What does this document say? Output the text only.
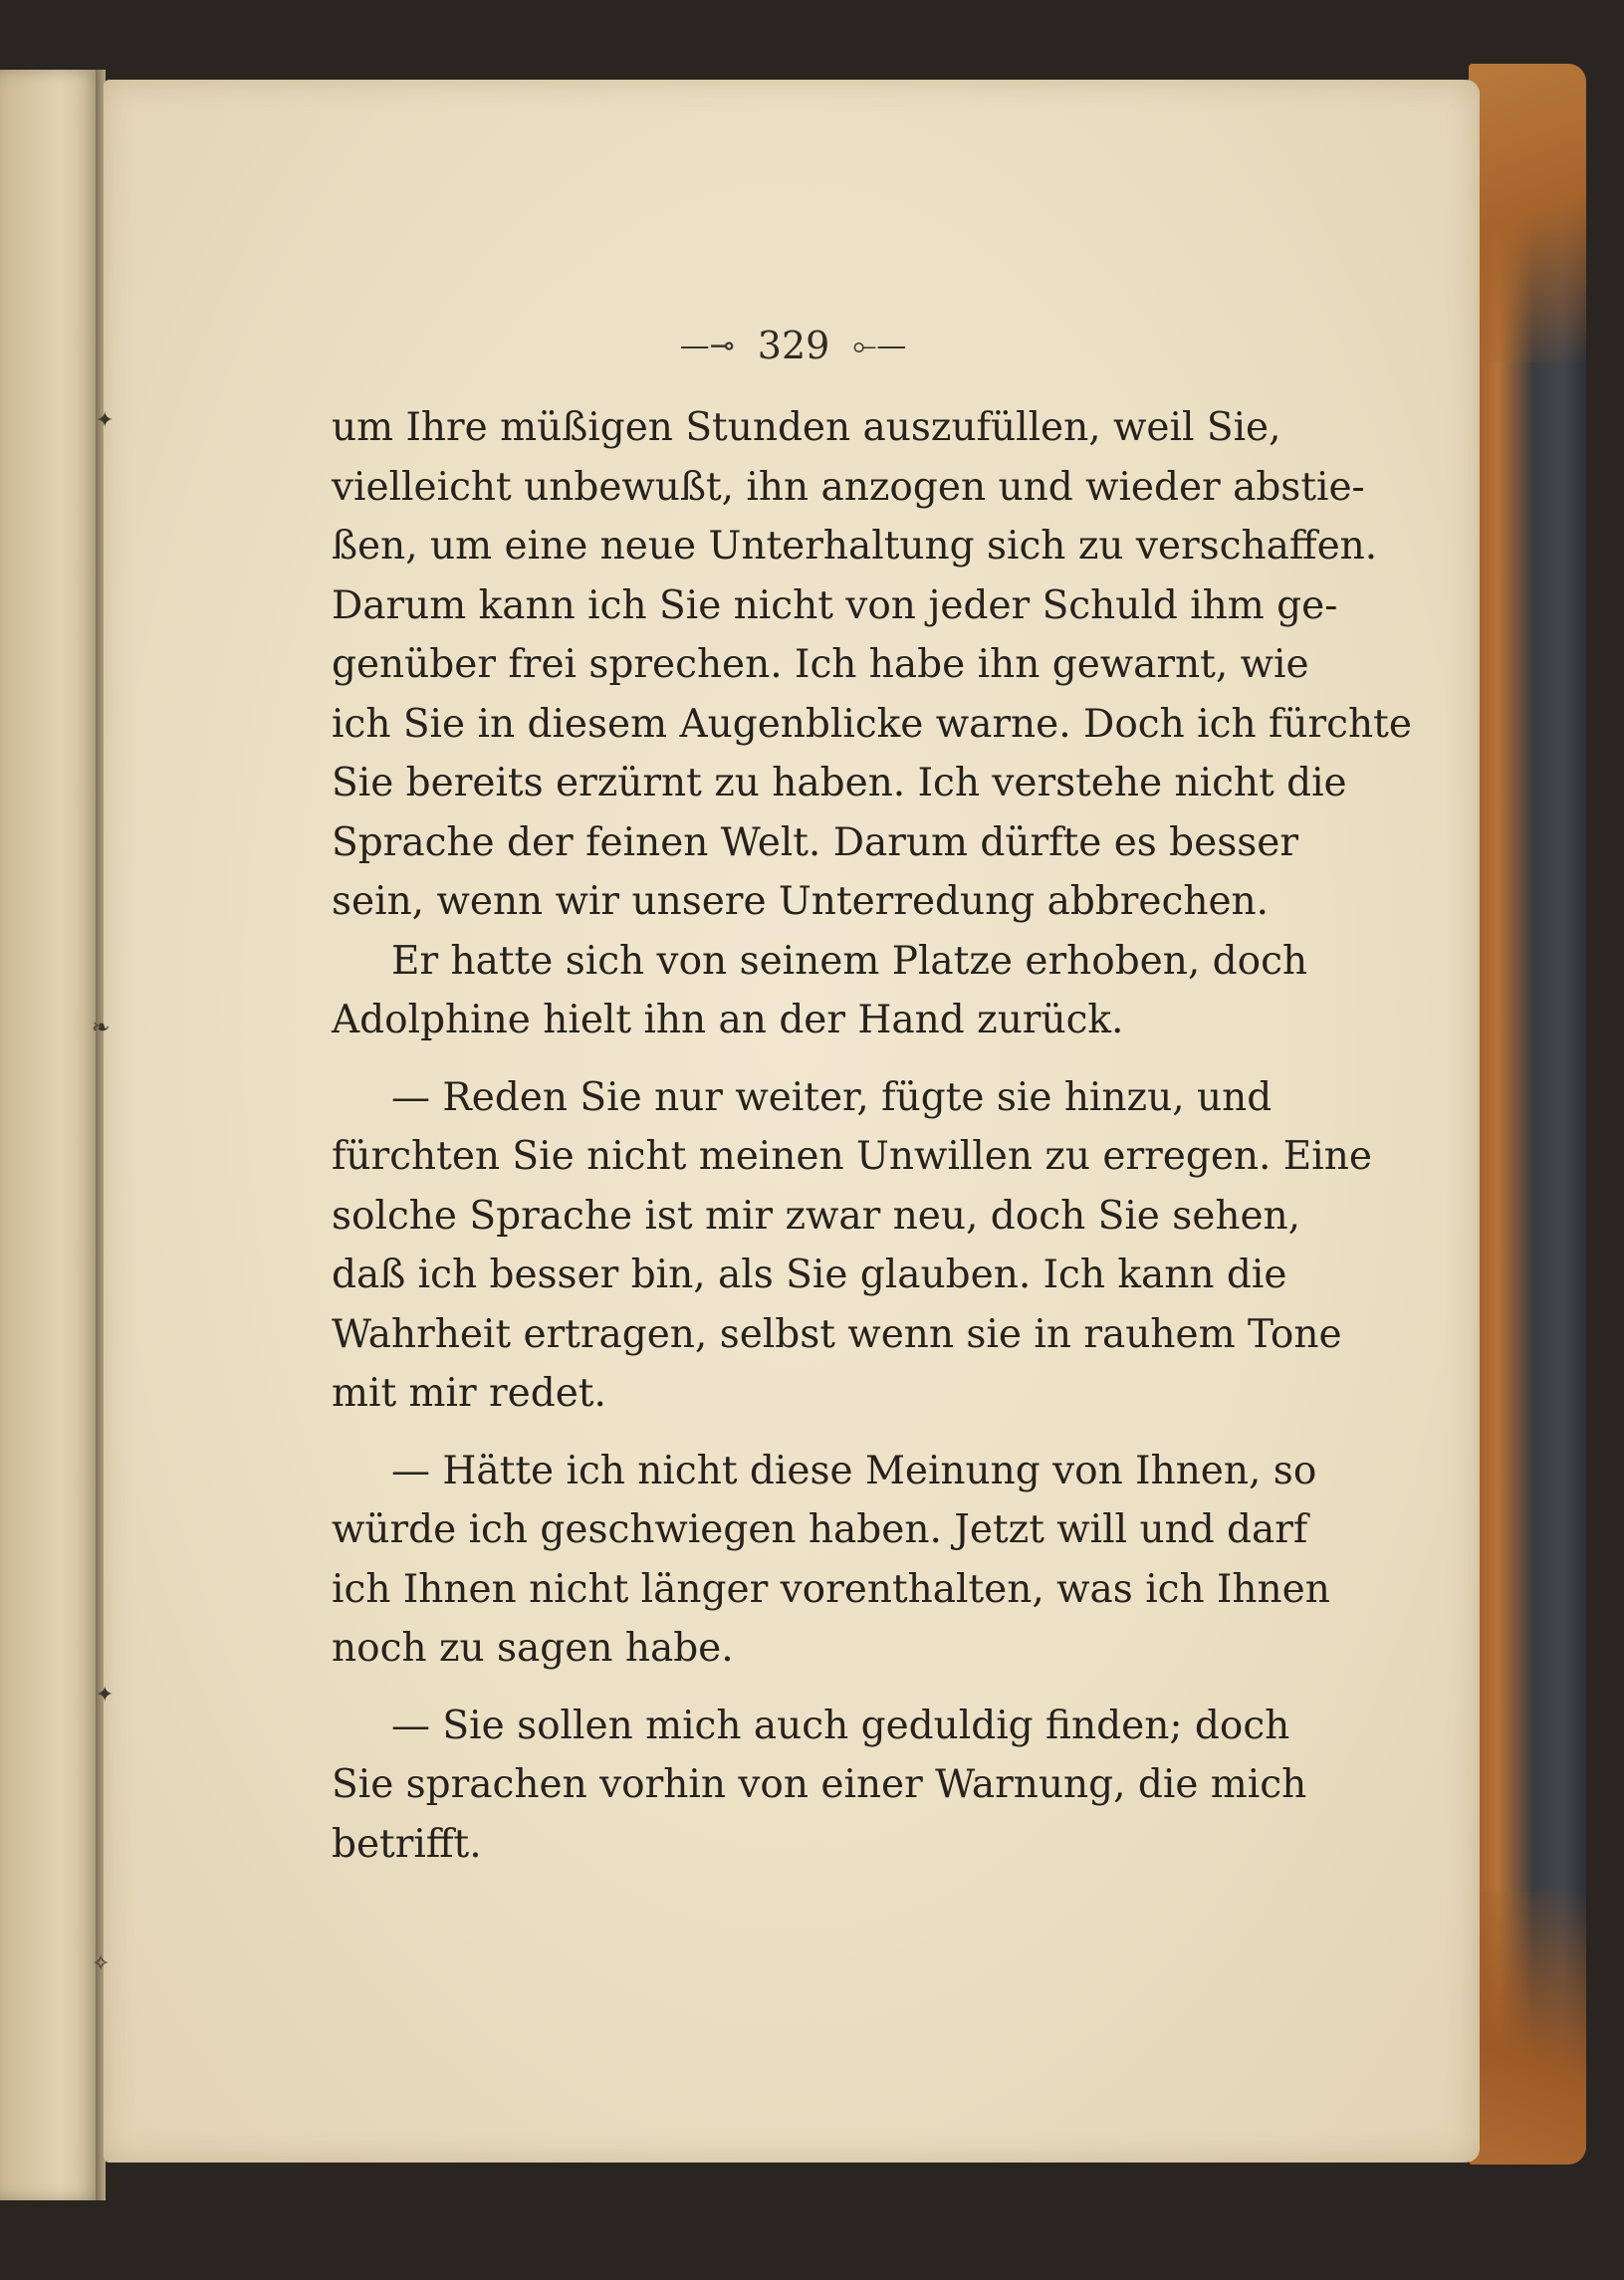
✦
❧
✦
✧
—⊸ 329 ⟜—
um Ihre müßigen Stunden auszufüllen, weil Sie,
vielleicht unbewußt, ihn anzogen und wieder abstie-
ßen, um eine neue Unterhaltung sich zu verschaffen.
Darum kann ich Sie nicht von jeder Schuld ihm ge-
genüber frei sprechen. Ich habe ihn gewarnt, wie
ich Sie in diesem Augenblicke warne. Doch ich fürchte
Sie bereits erzürnt zu haben. Ich verstehe nicht die
Sprache der feinen Welt. Darum dürfte es besser
sein, wenn wir unsere Unterredung abbrechen.
Er hatte sich von seinem Platze erhoben, doch
Adolphine hielt ihn an der Hand zurück.
— Reden Sie nur weiter, fügte sie hinzu, und
fürchten Sie nicht meinen Unwillen zu erregen. Eine
solche Sprache ist mir zwar neu, doch Sie sehen,
daß ich besser bin, als Sie glauben. Ich kann die
Wahrheit ertragen, selbst wenn sie in rauhem Tone
mit mir redet.
— Hätte ich nicht diese Meinung von Ihnen, so
würde ich geschwiegen haben. Jetzt will und darf
ich Ihnen nicht länger vorenthalten, was ich Ihnen
noch zu sagen habe.
— Sie sollen mich auch geduldig finden; doch
Sie sprachen vorhin von einer Warnung, die mich
betrifft.
